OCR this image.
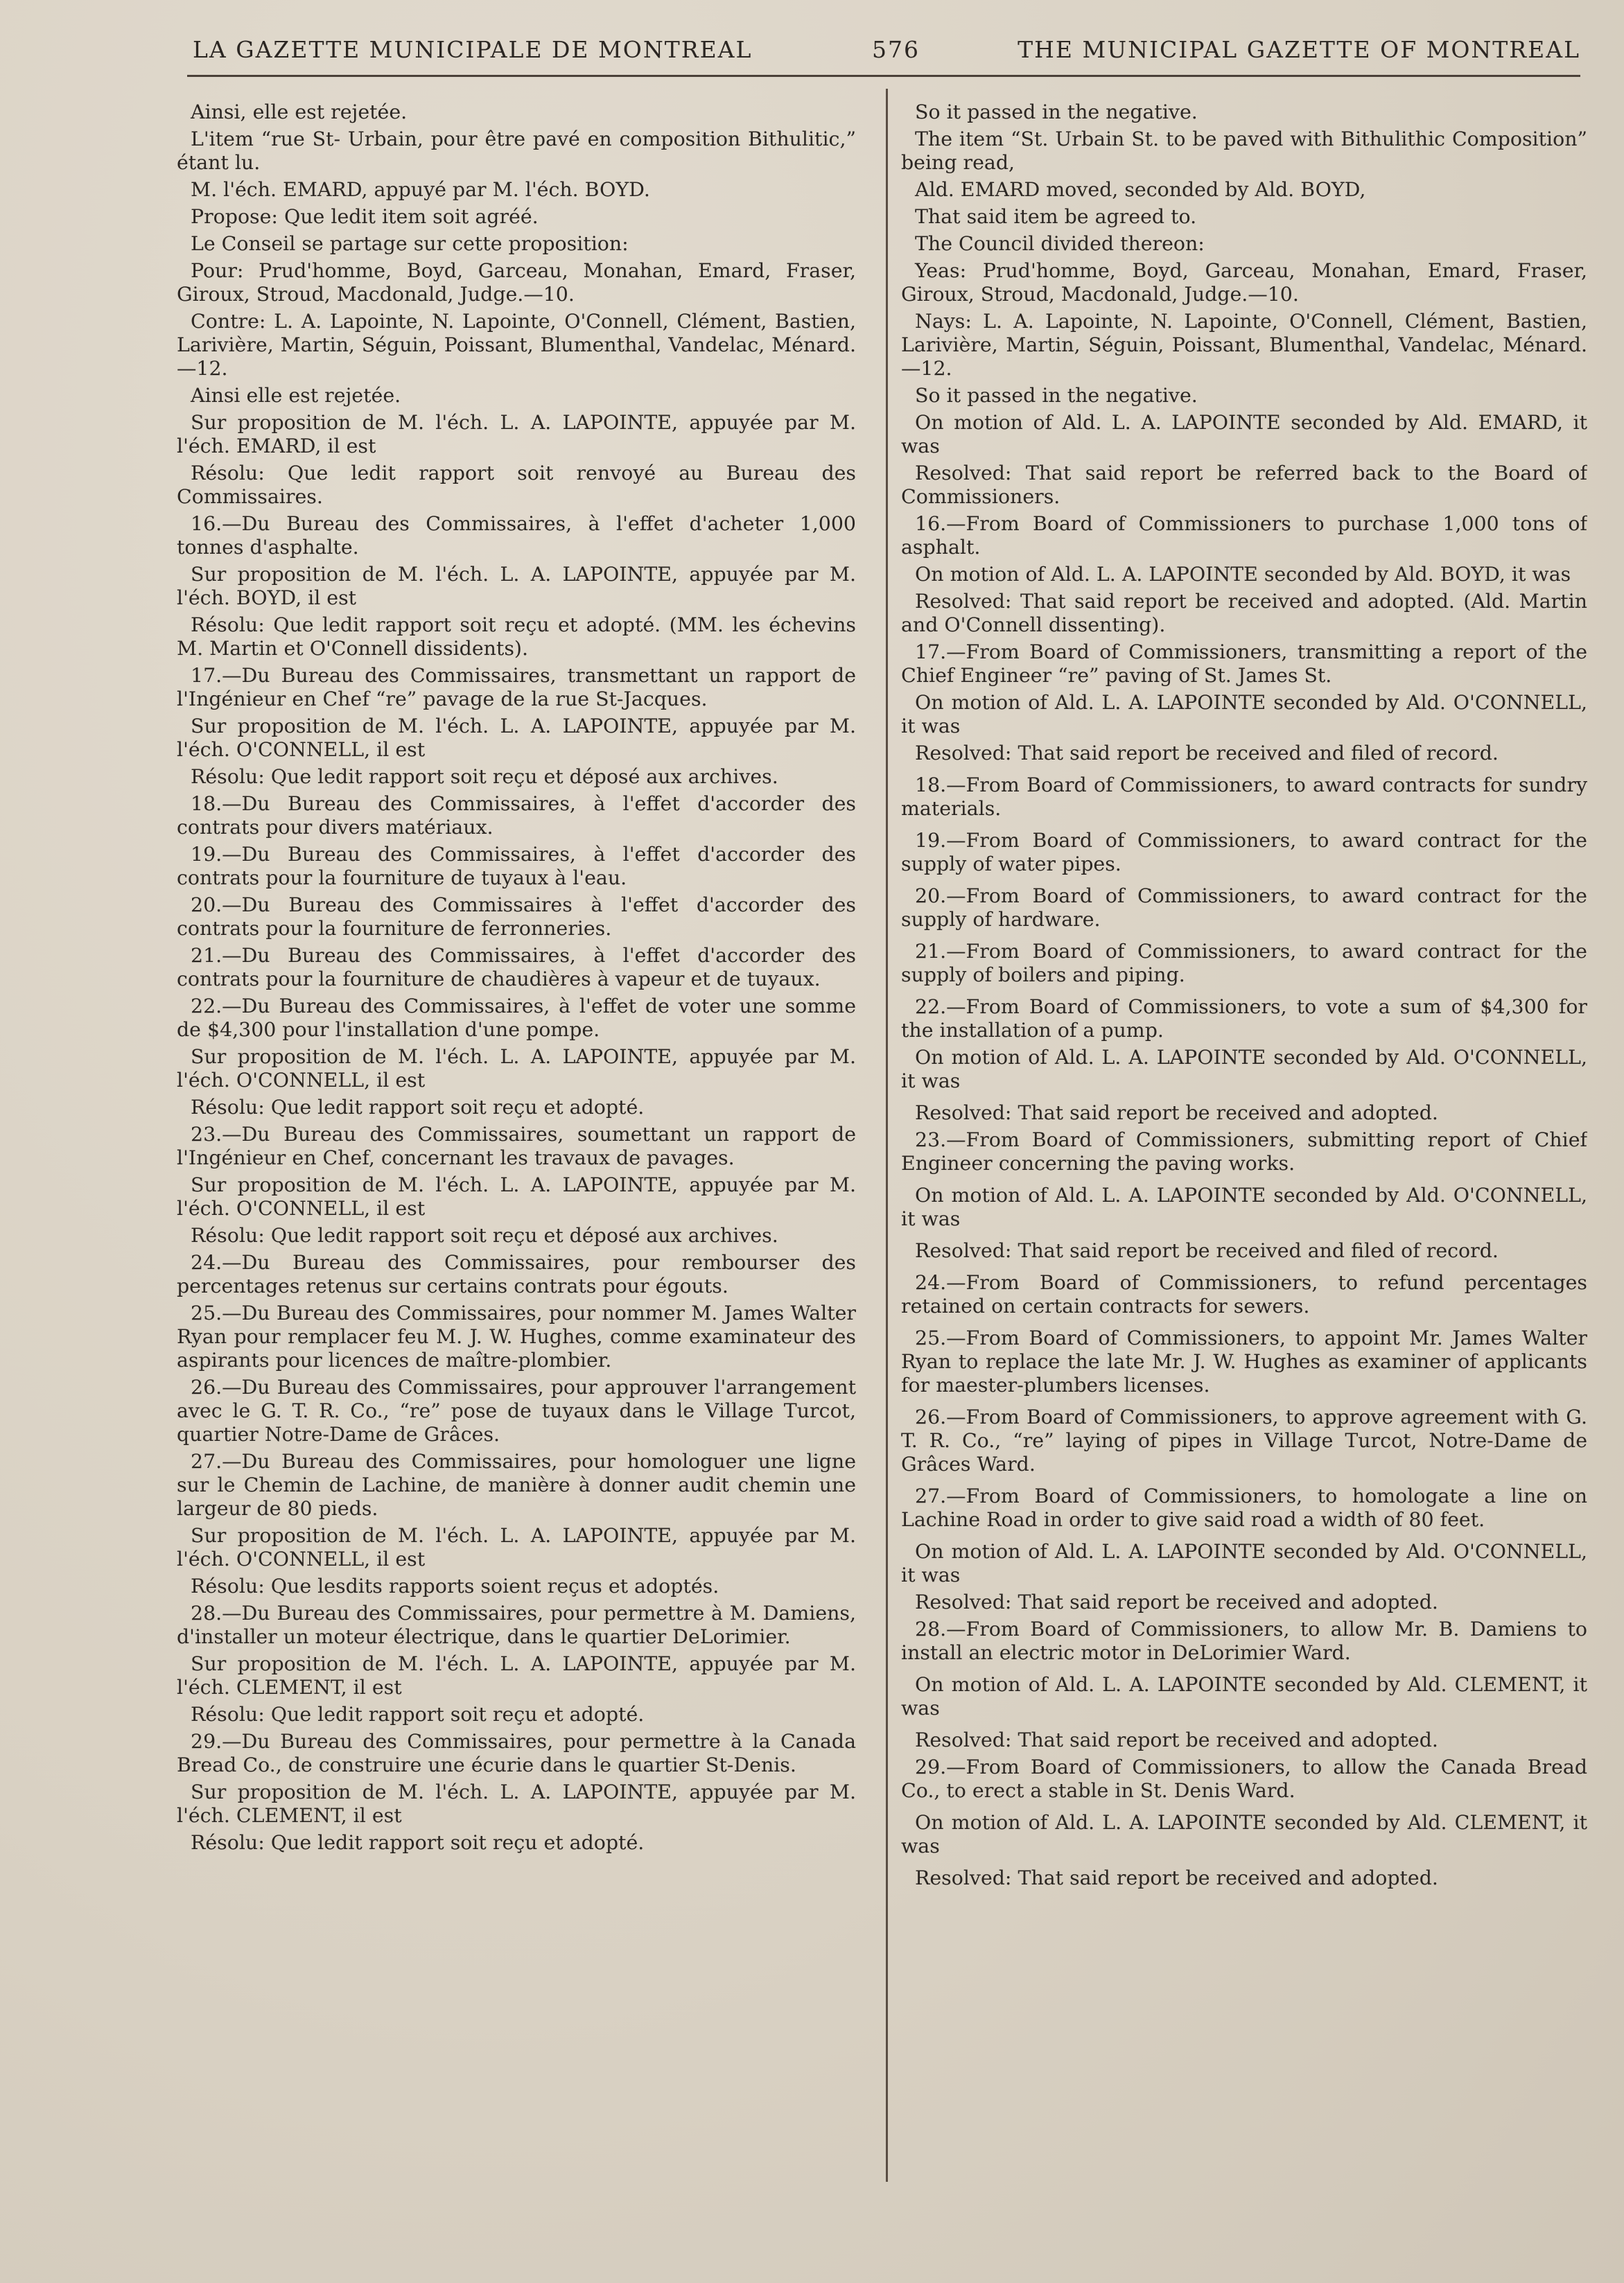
LA GAZETTE MUNICIPALE DE MONTREAL	576	THE MUNICIPAL GAZETTE OF MONTREAL

Ainsi, elle est rejetée.

L'item “rue St- Urbain, pour être pavé en composition Bithulitic,” étant lu.

M. l'éch. EMARD, appuyé par M. l'éch. BOYD.

Propose: Que ledit item soit agréé.

Le Conseil se partage sur cette proposition:

Pour: Prud'homme, Boyd, Garceau, Monahan, Emard, Fraser, Giroux, Stroud, Macdonald, Judge.—10.

Contre: L. A. Lapointe, N. Lapointe, O'Connell, Clément, Bastien, Larivière, Martin, Séguin, Poissant, Blumenthal, Vandelac, Ménard.—12.

Ainsi elle est rejetée.

Sur proposition de M. l'éch. L. A. LAPOINTE, appuyée par M. l'éch. EMARD, il est

Résolu: Que ledit rapport soit renvoyé au Bureau des Commissaires.

16.—Du Bureau des Commissaires, à l'effet d'acheter 1,000 tonnes d'asphalte.

Sur proposition de M. l'éch. L. A. LAPOINTE, appuyée par M. l'éch. BOYD, il est

Résolu: Que ledit rapport soit reçu et adopté. (MM. les échevins M. Martin et O'Connell dissidents).

17.—Du Bureau des Commissaires, transmettant un rapport de l'Ingénieur en Chef “re” pavage de la rue St-Jacques.

Sur proposition de M. l'éch. L. A. LAPOINTE, appuyée par M. l'éch. O'CONNELL, il est

Résolu: Que ledit rapport soit reçu et déposé aux archives.

18.—Du Bureau des Commissaires, à l'effet d'accorder des contrats pour divers matériaux.

19.—Du Bureau des Commissaires, à l'effet d'accorder des contrats pour la fourniture de tuyaux à l'eau.

20.—Du Bureau des Commissaires à l'effet d'accorder des contrats pour la fourniture de ferronneries.

21.—Du Bureau des Commissaires, à l'effet d'accorder des contrats pour la fourniture de chaudières à vapeur et de tuyaux.

22.—Du Bureau des Commissaires, à l'effet de voter une somme de $4,300 pour l'installation d'une pompe.

Sur proposition de M. l'éch. L. A. LAPOINTE, appuyée par M. l'éch. O'CONNELL, il est

Résolu: Que ledit rapport soit reçu et adopté.

23.—Du Bureau des Commissaires, soumettant un rapport de l'Ingénieur en Chef, concernant les travaux de pavages.

Sur proposition de M. l'éch. L. A. LAPOINTE, appuyée par M. l'éch. O'CONNELL, il est

Résolu: Que ledit rapport soit reçu et déposé aux archives.

24.—Du Bureau des Commissaires, pour rembourser des percentages retenus sur certains contrats pour égouts.

25.—Du Bureau des Commissaires, pour nommer M. James Walter Ryan pour remplacer feu M. J. W. Hughes, comme examinateur des aspirants pour licences de maître-plombier.

26.—Du Bureau des Commissaires, pour approuver l'arrangement avec le G. T. R. Co., “re” pose de tuyaux dans le Village Turcot, quartier Notre-Dame de Grâces.

27.—Du Bureau des Commissaires, pour homologuer une ligne sur le Chemin de Lachine, de manière à donner audit chemin une largeur de 80 pieds.

Sur proposition de M. l'éch. L. A. LAPOINTE, appuyée par M. l'éch. O'CONNELL, il est

Résolu: Que lesdits rapports soient reçus et adoptés.

28.—Du Bureau des Commissaires, pour permettre à M. Damiens, d'installer un moteur électrique, dans le quartier DeLorimier.

Sur proposition de M. l'éch. L. A. LAPOINTE, appuyée par M. l'éch. CLEMENT, il est

Résolu: Que ledit rapport soit reçu et adopté.

29.—Du Bureau des Commissaires, pour permettre à la Canada Bread Co., de construire une écurie dans le quartier St-Denis.

Sur proposition de M. l'éch. L. A. LAPOINTE, appuyée par M. l'éch. CLEMENT, il est

Résolu: Que ledit rapport soit reçu et adopté.

So it passed in the negative.

The item “St. Urbain St. to be paved with Bithulithic Composition” being read,

Ald. EMARD moved, seconded by Ald. BOYD,

That said item be agreed to.

The Council divided thereon:

Yeas: Prud'homme, Boyd, Garceau, Monahan, Emard, Fraser, Giroux, Stroud, Macdonald, Judge.—10.

Nays: L. A. Lapointe, N. Lapointe, O'Connell, Clément, Bastien, Larivière, Martin, Séguin, Poissant, Blumenthal, Vandelac, Ménard.—12.

So it passed in the negative.

On motion of Ald. L. A. LAPOINTE seconded by Ald. EMARD, it was

Resolved: That said report be referred back to the Board of Commissioners.

16.—From Board of Commissioners to purchase 1,000 tons of asphalt.

On motion of Ald. L. A. LAPOINTE seconded by Ald. BOYD, it was

Resolved: That said report be received and adopted. (Ald. Martin and O'Connell dissenting).

17.—From Board of Commissioners, transmitting a report of the Chief Engineer “re” paving of St. James St.

On motion of Ald. L. A. LAPOINTE seconded by Ald. O'CONNELL, it was

Resolved: That said report be received and filed of record.

18.—From Board of Commissioners, to award contracts for sundry materials.

19.—From Board of Commissioners, to award contract for the supply of water pipes.

20.—From Board of Commissioners, to award contract for the supply of hardware.

21.—From Board of Commissioners, to award contract for the supply of boilers and piping.

22.—From Board of Commissioners, to vote a sum of $4,300 for the installation of a pump.

On motion of Ald. L. A. LAPOINTE seconded by Ald. O'CONNELL, it was

Resolved: That said report be received and adopted.

23.—From Board of Commissioners, submitting report of Chief Engineer concerning the paving works.

On motion of Ald. L. A. LAPOINTE seconded by Ald. O'CONNELL, it was

Resolved: That said report be received and filed of record.

24.—From Board of Commissioners, to refund percentages retained on certain contracts for sewers.

25.—From Board of Commissioners, to appoint Mr. James Walter Ryan to replace the late Mr. J. W. Hughes as examiner of applicants for maester-plumbers licenses.

26.—From Board of Commissioners, to approve agreement with G. T. R. Co., “re” laying of pipes in Village Turcot, Notre-Dame de Grâces Ward.

27.—From Board of Commissioners, to homologate a line on Lachine Road in order to give said road a width of 80 feet.

On motion of Ald. L. A. LAPOINTE seconded by Ald. O'CONNELL, it was

Resolved: That said report be received and adopted.

28.—From Board of Commissioners, to allow Mr. B. Damiens to install an electric motor in DeLorimier Ward.

On motion of Ald. L. A. LAPOINTE seconded by Ald. CLEMENT, it was

Resolved: That said report be received and adopted.

29.—From Board of Commissioners, to allow the Canada Bread Co., to erect a stable in St. Denis Ward.

On motion of Ald. L. A. LAPOINTE seconded by Ald. CLEMENT, it was

Resolved: That said report be received and adopted.
